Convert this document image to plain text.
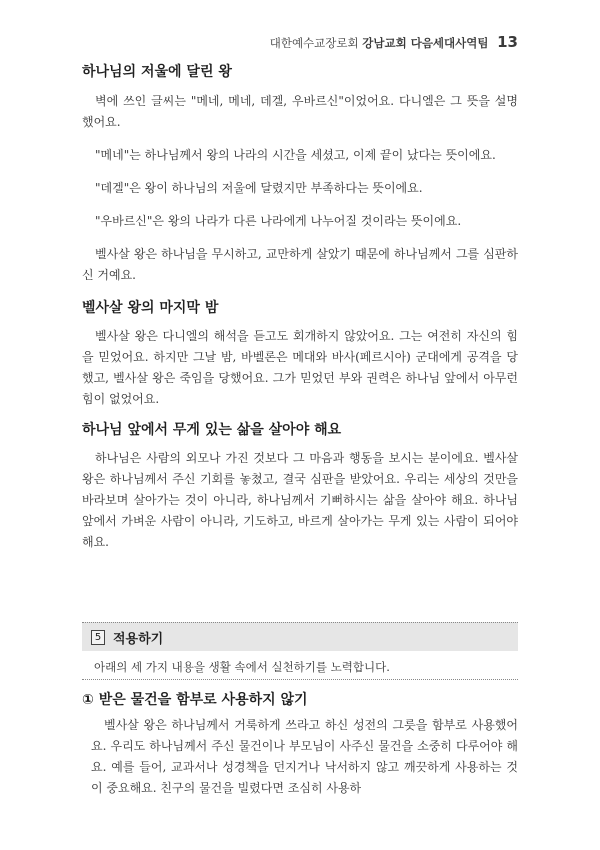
대한예수교장로회 강남교회 다음세대사역팀 13
하나님의 저울에 달린 왕

벽에 쓰인 글씨는 "메네, 메네, 데겔, 우바르신"이었어요. 다니엘은 그 뜻을 설명했어요.

"메네"는 하나님께서 왕의 나라의 시간을 세셨고, 이제 끝이 났다는 뜻이에요.

"데겔"은 왕이 하나님의 저울에 달렸지만 부족하다는 뜻이에요.

"우바르신"은 왕의 나라가 다른 나라에게 나누어질 것이라는 뜻이에요.

벨사살 왕은 하나님을 무시하고, 교만하게 살았기 때문에 하나님께서 그를 심판하신 거예요.

벨사살 왕의 마지막 밤

벨사살 왕은 다니엘의 해석을 듣고도 회개하지 않았어요. 그는 여전히 자신의 힘을 믿었어요. 하지만 그날 밤, 바벨론은 메대와 바사(페르시아) 군대에게 공격을 당했고, 벨사살 왕은 죽임을 당했어요. 그가 믿었던 부와 권력은 하나님 앞에서 아무런 힘이 없었어요.

하나님 앞에서 무게 있는 삶을 살아야 해요

하나님은 사람의 외모나 가진 것보다 그 마음과 행동을 보시는 분이에요. 벨사살 왕은 하나님께서 주신 기회를 놓쳤고, 결국 심판을 받았어요. 우리는 세상의 것만을 바라보며 살아가는 것이 아니라, 하나님께서 기뻐하시는 삶을 살아야 해요. 하나님 앞에서 가벼운 사람이 아니라, 기도하고, 바르게 살아가는 무게 있는 사람이 되어야 해요.

5 적용하기
아래의 세 가지 내용을 생활 속에서 실천하기를 노력합니다.
① 받은 물건을 함부로 사용하지 않기

벨사살 왕은 하나님께서 거룩하게 쓰라고 하신 성전의 그릇을 함부로 사용했어요. 우리도 하나님께서 주신 물건이나 부모님이 사주신 물건을 소중히 다루어야 해요. 예를 들어, 교과서나 성경책을 던지거나 낙서하지 않고 깨끗하게 사용하는 것이 중요해요. 친구의 물건을 빌렸다면 조심히 사용하
